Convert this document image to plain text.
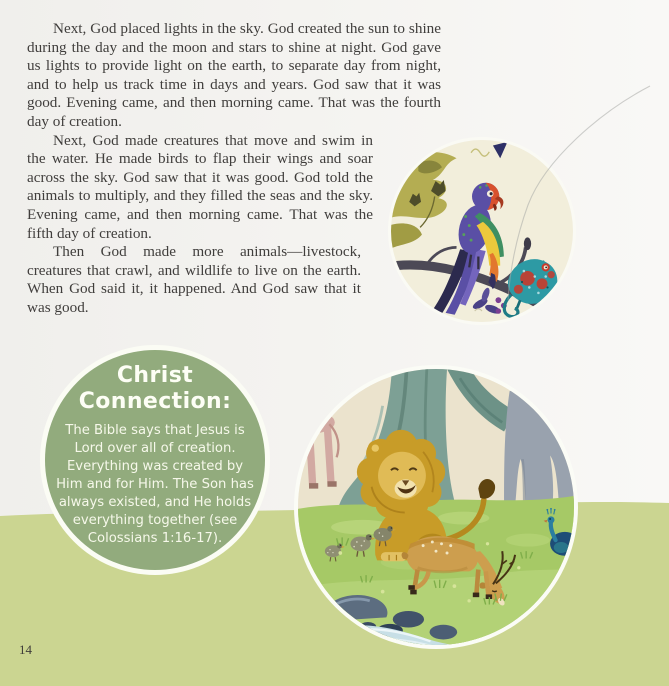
Next, God placed lights in the sky. God created the sun to shine during the day and the moon and stars to shine at night. God gave us lights to provide light on the earth, to separate day from night, and to help us track time in days and years. God saw that it was good. Evening came, and then morning came. That was the fourth day of creation.

Next, God made creatures that move and swim in the water. He made birds to flap their wings and soar across the sky. God saw that it was good. God told the animals to multiply, and they filled the seas and the sky. Evening came, and then morning came. That was the fifth day of creation.

Then God made more animals—livestock, creatures that crawl, and wildlife to live on the earth. When God said it, it happened. And God saw that it was good.

Christ
Connection:

The Bible says that Jesus is Lord over all of creation. Everything was created by Him and for Him. The Son has always existed, and He holds everything together (see Colossians 1:16-17).

14
